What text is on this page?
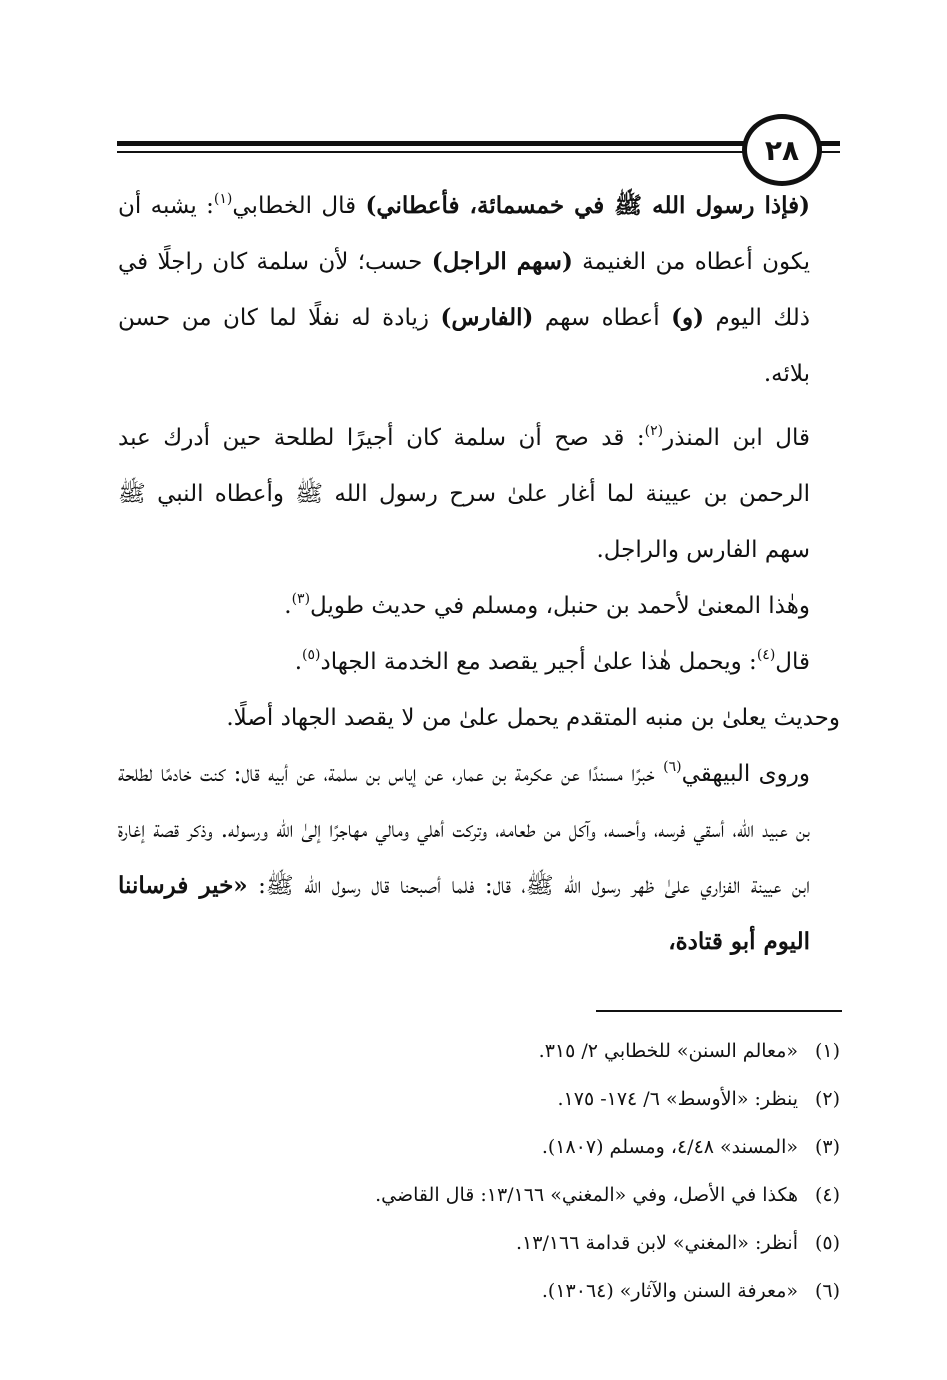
٢٨

(فإذا رسول الله ﷺ في خمسمائة، فأعطاني) قال الخطابي$^{(١)}$: يشبه أن يكون أعطاه من الغنيمة (سهم الراجل) حسب؛ لأن سلمة كان راجلًا في ذلك اليوم (و) أعطاه سهم (الفارس) زيادة له نفلًا لما كان من حسن بلائه.

قال ابن المنذر$^{(٢)}$: قد صح أن سلمة كان أجيرًا لطلحة حين أدرك عبد الرحمن بن عيينة لما أغار علىٰ سرح رسول الله ﷺ وأعطاه النبي ﷺ سهم الفارس والراجل.

وهٰذا المعنىٰ لأحمد بن حنبل، ومسلم في حديث طويل$^{(٣)}$.

قال$^{(٤)}$: ويحمل هٰذا علىٰ أجير يقصد مع الخدمة الجهاد$^{(٥)}$.

وحديث يعلىٰ بن منبه المتقدم يحمل علىٰ من لا يقصد الجهاد أصلًا.

وروى البيهقي$^{(٦)}$ خبرًا مسندًا عن عكرمة بن عمار، عن إياس بن سلمة، عن أبيه قال: كنت خادمًا لطلحة بن عبيد الله، أسقي فرسه، وأحسه، وآكل من طعامه، وتركت أهلي ومالي مهاجرًا إلىٰ الله ورسوله. وذكر قصة إغارة ابن عيينة الفزاري علىٰ ظهر رسول الله ﷺ، قال: فلما أصبحنا قال رسول الله ﷺ: «خير فرساننا اليوم أبو قتادة،

(١)
«معالم السنن» للخطابي ٢/ ٣١٥.
(٢)
ينظر: «الأوسط» ٦/ ١٧٤- ١٧٥.
(٣)
«المسند» ٤/٤٨، ومسلم (١٨٠٧).
(٤)
هكذا في الأصل، وفي «المغني» ١٣/١٦٦: قال القاضي.
(٥)
أنظر: «المغني» لابن قدامة ١٣/١٦٦.
(٦)
«معرفة السنن والآثار» (١٣٠٦٤).
